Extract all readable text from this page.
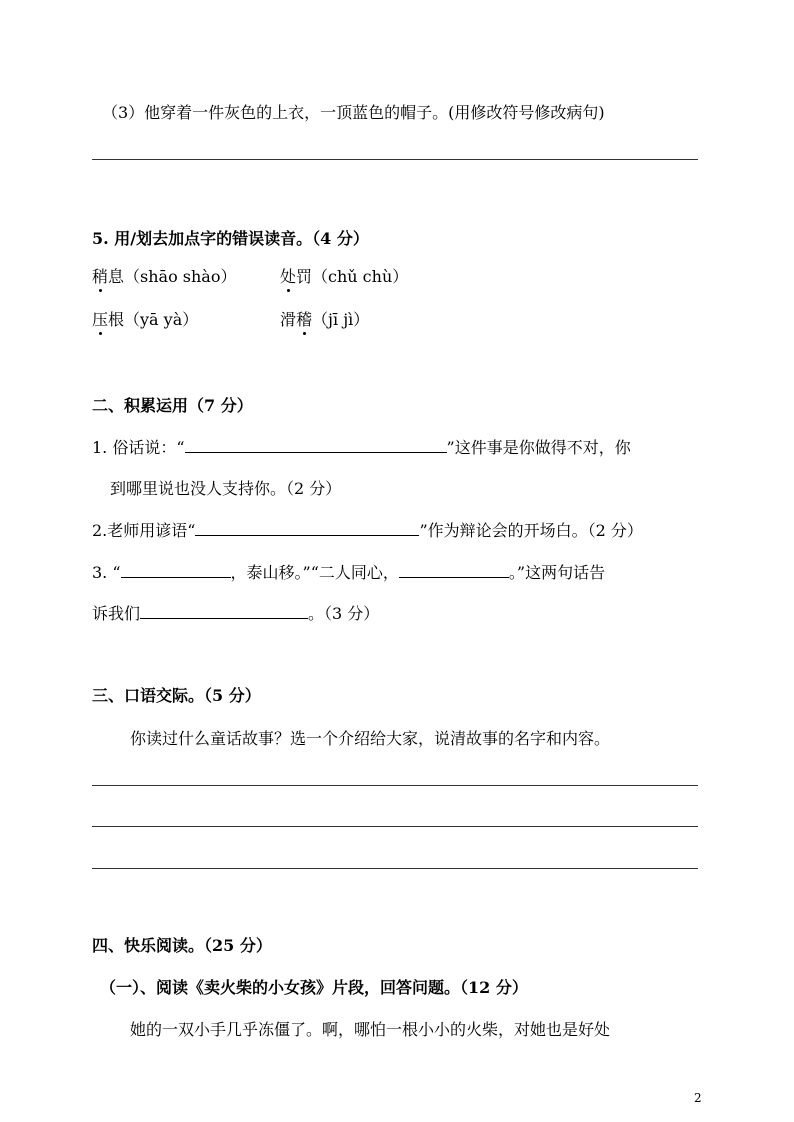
（3）他穿着一件灰色的上衣，一顶蓝色的帽子。(用修改符号修改病句)
5. 用/划去加点字的错误读音。（4 分）
稍息（shāo shào）	处罚（chǔ chù）
压根（yā yà）	滑稽（jī jì）
二、积累运用（7 分）
1. 俗话说：“	”这件事是你做得不对，你
到哪里说也没人支持你。（2 分）
2.老师用谚语“	”作为辩论会的开场白。（2 分）
3. “	，泰山移。”“二人同心，	。”这两句话告
诉我们	。（3 分）
三、口语交际。（5 分）
你读过什么童话故事？选一个介绍给大家，说清故事的名字和内容。
四、快乐阅读。（25 分）
（一）、阅读《卖火柴的小女孩》片段，回答问题。（12 分）
她的一双小手几乎冻僵了。啊，哪怕一根小小的火柴，对她也是好处
2
